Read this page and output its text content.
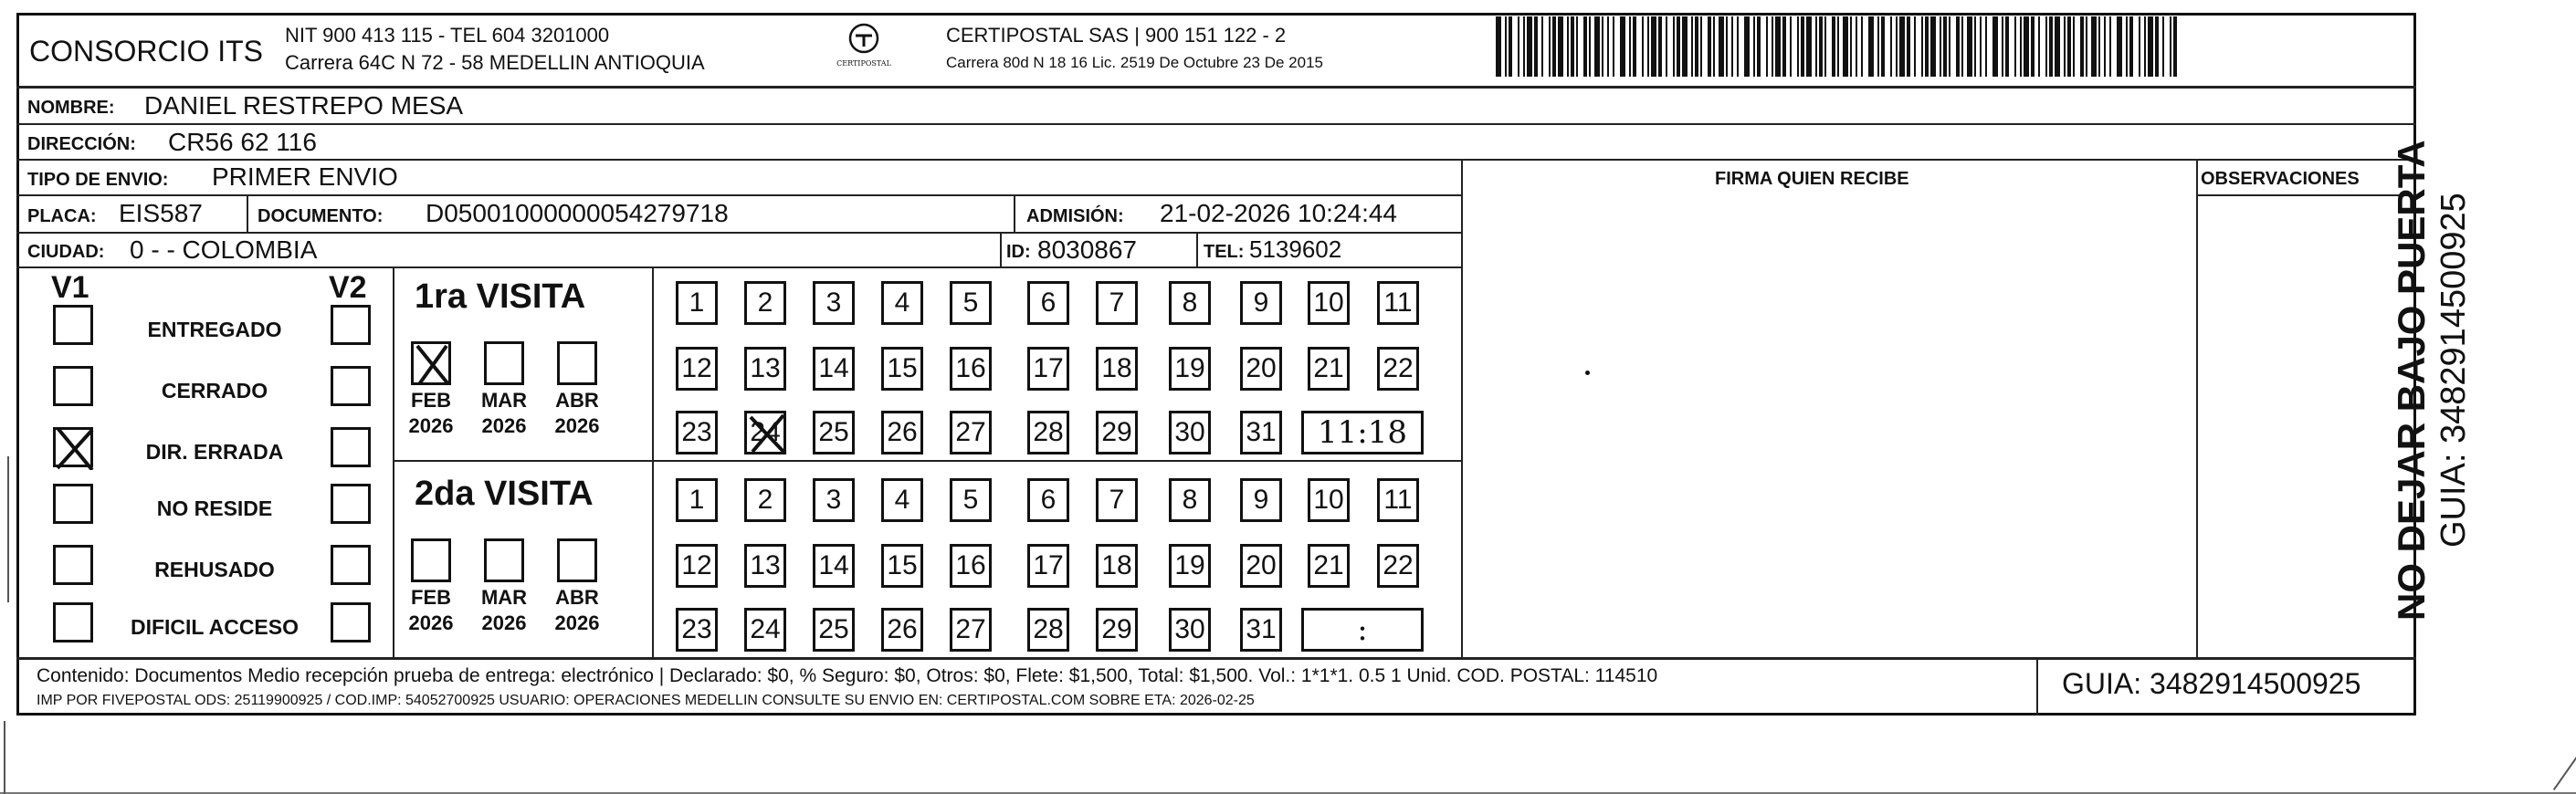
CONSORCIO ITS NIT 900 413 115 - TEL 604 3201000
Carrera 64C N 72 - 58 MEDELLIN ANTIOQUIA	CERTIPOSTAL
CERTIPOSTAL SAS | 900 151 122 - 2
Carrera 80d N 18 16 Lic. 2519 De Octubre 23 De 2015
NOMBRE: DANIEL RESTREPO MESA
DIRECCIÓN: CR56 62 116
TIPO DE ENVIO: PRIMER ENVIO	FIRMA QUIEN RECIBE	OBSERVACIONES
PLACA: EIS587	DOCUMENTO: D05001000000054279718	ADMISIÓN: 21-02-2026 10:24:44
CIUDAD: 0 - - COLOMBIA	ID: 8030867	TEL: 5139602
V1	V2
ENTREGADO
CERRADO
DIR. ERRADA
NO RESIDE
REHUSADO
DIFICIL ACCESO
1ra VISITA
FEB
2026
MAR
2026
ABR
2026
1	2	3	4	5	6	7	8	9	10 11
12 13 14 15 16 17 18 19 20 21 22
23 24 25 26 27 28 29 30 31	11:18
2da VISITA
FEB
2026
MAR
2026
ABR
2026
1	2	3	4	5	6	7	8	9	10 11
12 13 14 15 16 17 18 19 20 21 22
23 24 25 26 27 28 29 30 31	:
Contenido: Documentos Medio recepción prueba de entrega: electrónico | Declarado: $0, % Seguro: $0, Otros: $0, Flete: $1,500, Total: $1,500. Vol.: 1*1*1. 0.5 1 Unid. COD. POSTAL: 114510
IMP POR FIVEPOSTAL ODS: 25119900925 / COD.IMP: 54052700925 USUARIO: OPERACIONES MEDELLIN CONSULTE SU ENVIO EN: CERTIPOSTAL.COM SOBRE ETA: 2026-02-25
GUIA: 3482914500925
NO DEJAR BAJO PUERTA GUIA: 3482914500925
